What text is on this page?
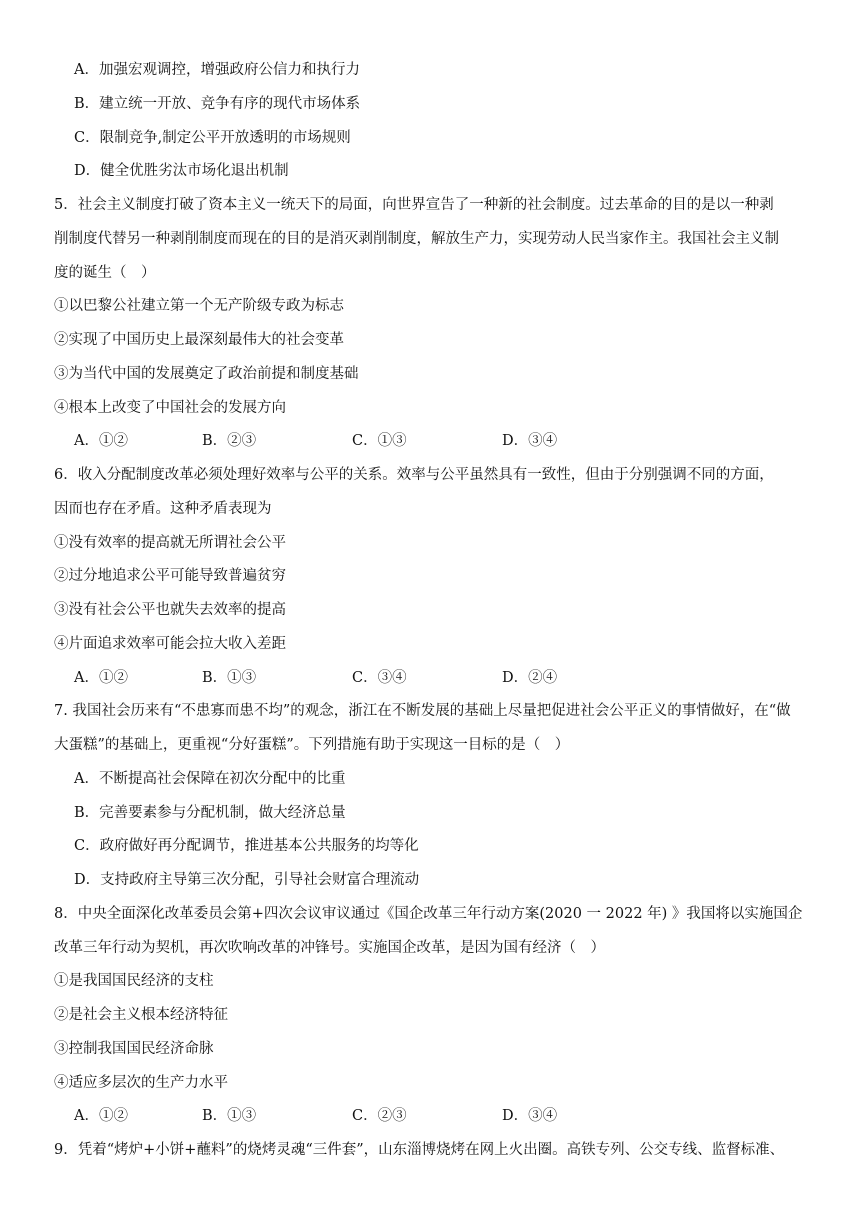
A．加强宏观调控，增强政府公信力和执行力
B．建立统一开放、竞争有序的现代市场体系
C．限制竞争,制定公平开放透明的市场规则
D．健全优胜劣汰市场化退出机制
5．社会主义制度打破了资本主义一统天下的局面，向世界宣告了一种新的社会制度。过去革命的目的是以一种剥
削制度代替另一种剥削制度而现在的目的是消灭剥削制度，解放生产力，实现劳动人民当家作主。我国社会主义制
度的诞生（　）
①以巴黎公社建立第一个无产阶级专政为标志
②实现了中国历史上最深刻最伟大的社会变革
③为当代中国的发展奠定了政治前提和制度基础
④根本上改变了中国社会的发展方向
A．①②	B．②③	C．①③	D．③④
6．收入分配制度改革必须处理好效率与公平的关系。效率与公平虽然具有一致性，但由于分别强调不同的方面，
因而也存在矛盾。这种矛盾表现为
①没有效率的提高就无所谓社会公平
②过分地追求公平可能导致普遍贫穷
③没有社会公平也就失去效率的提高
④片面追求效率可能会拉大收入差距
A．①②	B．①③	C．③④	D．②④
7. 我国社会历来有“不患寡而患不均”的观念，浙江在不断发展的基础上尽量把促进社会公平正义的事情做好，在“做
大蛋糕”的基础上，更重视“分好蛋糕”。下列措施有助于实现这一目标的是（　）
A．不断提高社会保障在初次分配中的比重
B．完善要素参与分配机制，做大经济总量
C．政府做好再分配调节，推进基本公共服务的均等化
D．支持政府主导第三次分配，引导社会财富合理流动
8．中央全面深化改革委员会第+四次会议审议通过《国企改革三年行动方案(2020 一 2022 年) 》我国将以实施国企
改革三年行动为契机，再次吹响改革的冲锋号。实施国企改革，是因为国有经济（　）
①是我国国民经济的支柱
②是社会主义根本经济特征
③控制我国国民经济命脉
④适应多层次的生产力水平
A．①②	B．①③	C．②③	D．③④
9．凭着“烤炉+小饼+蘸料”的烧烤灵魂“三件套”，山东淄博烧烤在网上火出圈。高铁专列、公交专线、监督标准、
